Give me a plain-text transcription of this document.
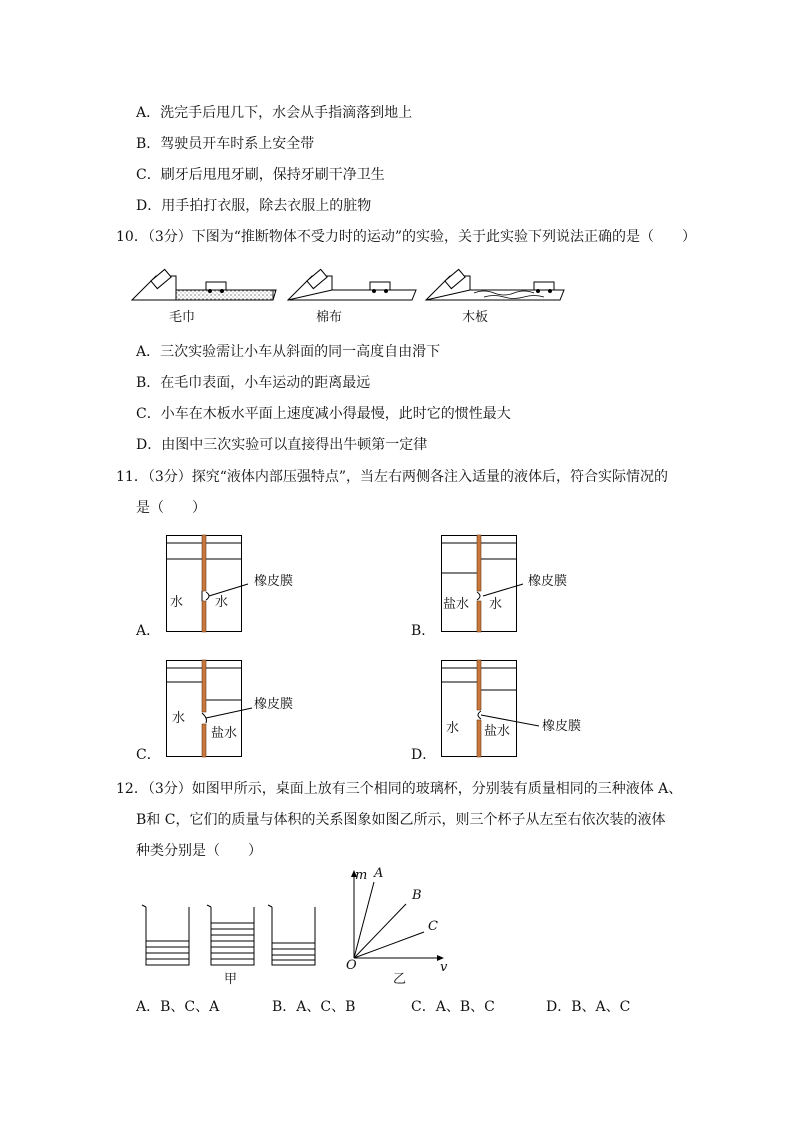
A．洗完手后甩几下，水会从手指滴落到地上
B．驾驶员开车时系上安全带
C．刷牙后甩甩牙刷，保持牙刷干净卫生
D．用手拍打衣服，除去衣服上的脏物
10．（3分）下图为“推断物体不受力时的运动”的实验，关于此实验下列说法正确的是（　　）
毛巾	棉布	木板
A．三次实验需让小车从斜面的同一高度自由滑下
B．在毛巾表面，小车运动的距离最远
C．小车在木板水平面上速度减小得最慢，此时它的惯性最大
D．由图中三次实验可以直接得出牛顿第一定律
11．（3分）探究“液体内部压强特点”，当左右两侧各注入适量的液体后，符合实际情况的
是（　　）
橡皮膜
水 水
A．
橡皮膜
盐水 水
B．
橡皮膜
水
盐水
C．
橡皮膜
水 盐水
D．
12．（3分）如图甲所示，桌面上放有三个相同的玻璃杯，分别装有质量相同的三种液体 A、
B和 C，它们的质量与体积的关系图象如图乙所示，则三个杯子从左至右依次装的液体
种类分别是（　　）
甲
m A
B
C
O	v
乙
A．B、C、A	B．A、C、B	C．A、B、C	D．B、A、C
